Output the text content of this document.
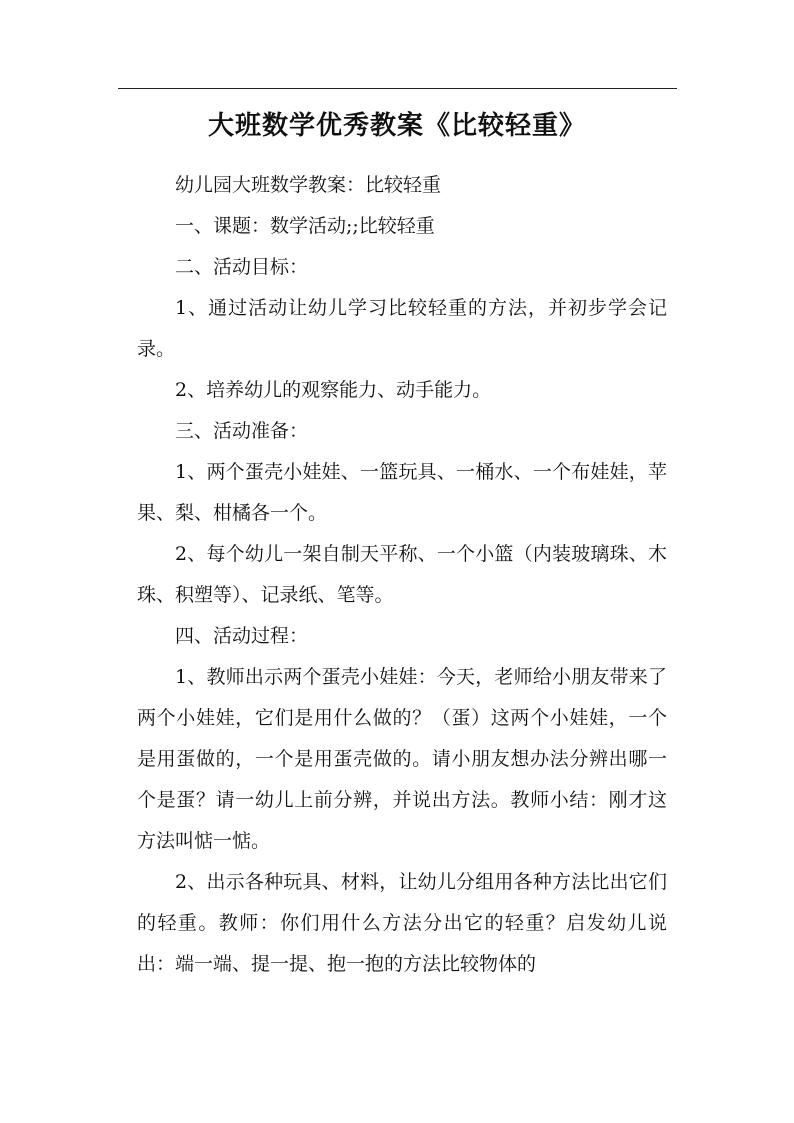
大班数学优秀教案《比较轻重》

幼儿园大班数学教案：比较轻重

一、课题：数学活动;;比较轻重

二、活动目标：

1、通过活动让幼儿学习比较轻重的方法，并初步学会记录。

2、培养幼儿的观察能力、动手能力。

三、活动准备：

1、两个蛋壳小娃娃、一篮玩具、一桶水、一个布娃娃，苹果、梨、柑橘各一个。

2、每个幼儿一架自制天平称、一个小篮（内装玻璃珠、木珠、积塑等）、记录纸、笔等。

四、活动过程：

1、教师出示两个蛋壳小娃娃：今天，老师给小朋友带来了两个小娃娃，它们是用什么做的？（蛋）这两个小娃娃，一个是用蛋做的，一个是用蛋壳做的。请小朋友想办法分辨出哪一个是蛋？请一幼儿上前分辨，并说出方法。教师小结：刚才这方法叫惦一惦。

2、出示各种玩具、材料，让幼儿分组用各种方法比出它们的轻重。教师：你们用什么方法分出它的轻重？启发幼儿说出：端一端、提一提、抱一抱的方法比较物体的
